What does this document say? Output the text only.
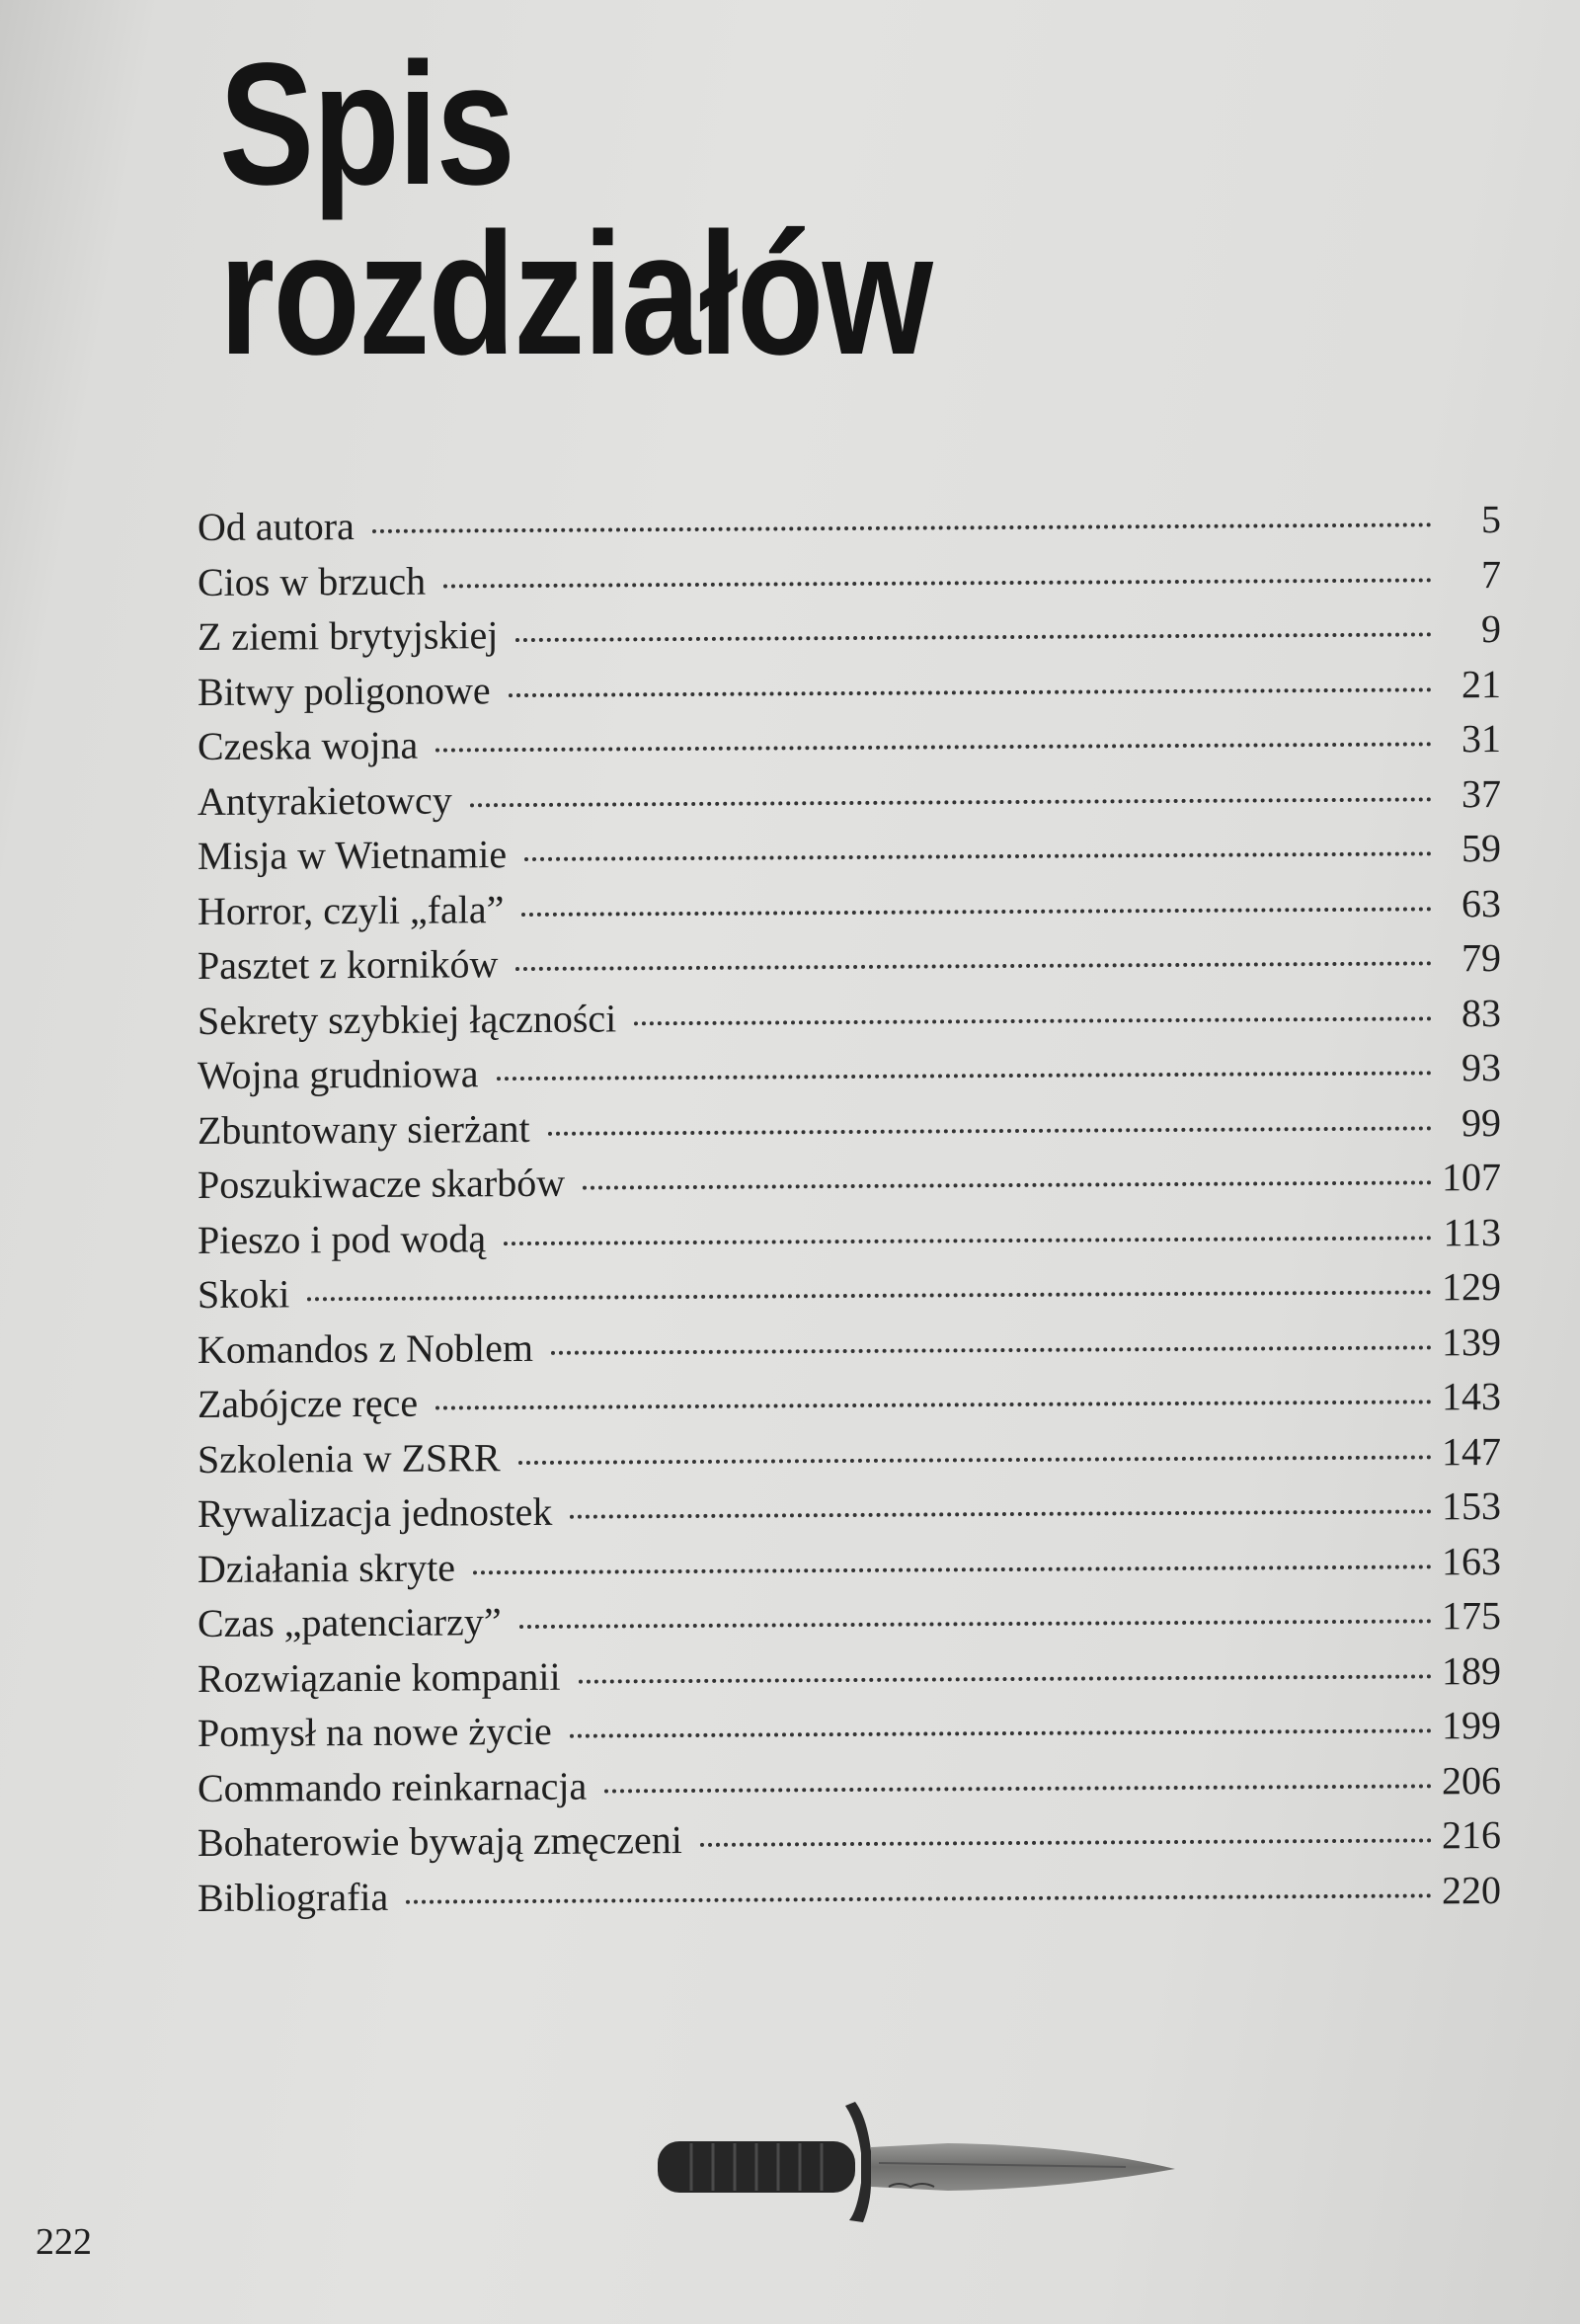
Spis
rozdziałów
Od autora	5
Cios w brzuch	7
Z ziemi brytyjskiej	9
Bitwy poligonowe	21
Czeska wojna	31
Antyrakietowcy	37
Misja w Wietnamie	59
Horror, czyli „fala”	63
Pasztet z korników	79
Sekrety szybkiej łączności	83
Wojna grudniowa	93
Zbuntowany sierżant	99
Poszukiwacze skarbów	107
Pieszo i pod wodą	113
Skoki	129
Komandos z Noblem	139
Zabójcze ręce	143
Szkolenia w ZSRR	147
Rywalizacja jednostek	153
Działania skryte	163
Czas „patenciarzy”	175
Rozwiązanie kompanii	189
Pomysł na nowe życie	199
Commando reinkarnacja	206
Bohaterowie bywają zmęczeni	216
Bibliografia	220
222
